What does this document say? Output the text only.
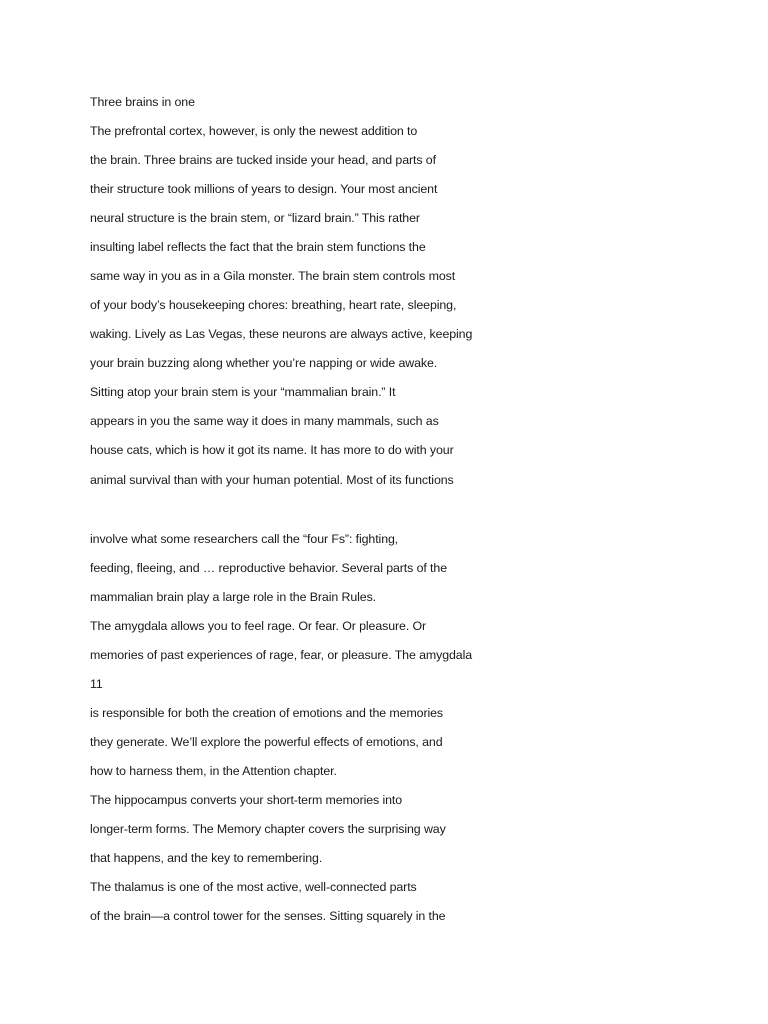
Three brains in one

The prefrontal cortex, however, is only the newest addition to

the brain. Three brains are tucked inside your head, and parts of

their structure took millions of years to design. Your most ancient

neural structure is the brain stem, or “lizard brain.” This rather

insulting label reflects the fact that the brain stem functions the

same way in you as in a Gila monster. The brain stem controls most

of your body’s housekeeping chores: breathing, heart rate, sleeping,

waking. Lively as Las Vegas, these neurons are always active, keeping

your brain buzzing along whether you’re napping or wide awake.

Sitting atop your brain stem is your “mammalian brain.” It

appears in you the same way it does in many mammals, such as

house cats, which is how it got its name. It has more to do with your

animal survival than with your human potential. Most of its functions

involve what some researchers call the “four Fs”: fighting,

feeding, fleeing, and … reproductive behavior. Several parts of the

mammalian brain play a large role in the Brain Rules.

The amygdala allows you to feel rage. Or fear. Or pleasure. Or

memories of past experiences of rage, fear, or pleasure. The amygdala

11

is responsible for both the creation of emotions and the memories

they generate. We’ll explore the powerful effects of emotions, and

how to harness them, in the Attention chapter.

The hippocampus converts your short-term memories into

longer-term forms. The Memory chapter covers the surprising way

that happens, and the key to remembering.

The thalamus is one of the most active, well-connected parts

of the brain—a control tower for the senses. Sitting squarely in the
